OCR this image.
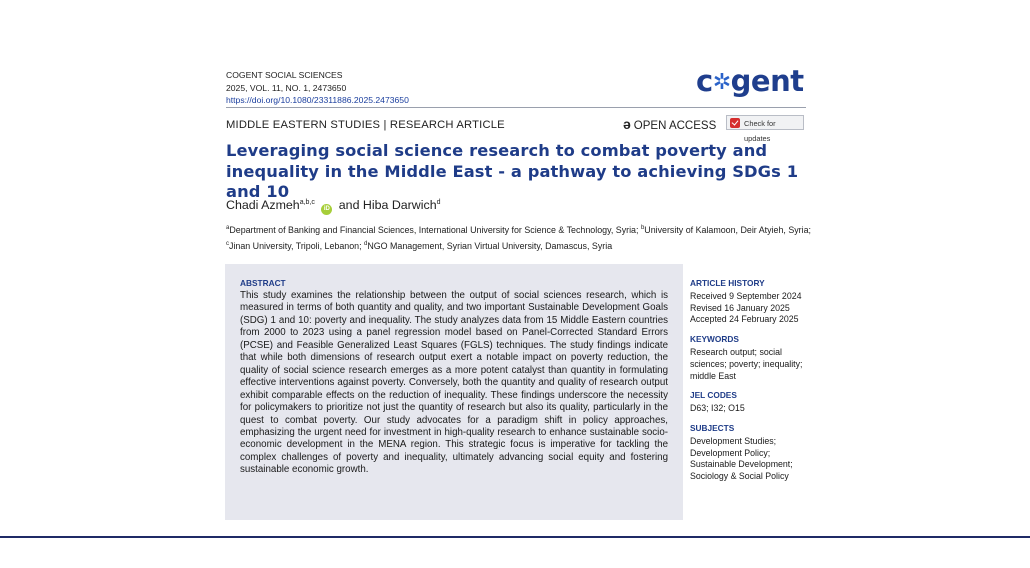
COGENT SOCIAL SCIENCES
2025, VOL. 11, NO. 1, 2473650
https://doi.org/10.1080/23311886.2025.2473650
c✲gent
MIDDLE EASTERN STUDIES | RESEARCH ARTICLE	ə OPEN ACCESS	Check for updates
Leveraging social science research to combat poverty and inequality in the Middle East - a pathway to achieving SDGs 1 and 10
Chadi Azmeh$^{a,b,c}$ iD and Hiba Darwich$^d$
$^a$Department of Banking and Financial Sciences, International University for Science & Technology, Syria; $^b$University of Kalamoon, Deir Atyieh, Syria; $^c$Jinan University, Tripoli, Lebanon; $^d$NGO Management, Syrian Virtual University, Damascus, Syria
ABSTRACT
This study examines the relationship between the output of social sciences research, which is measured in terms of both quantity and quality, and two important Sustainable Development Goals (SDG) 1 and 10: poverty and inequality. The study analyzes data from 15 Middle Eastern countries from 2000 to 2023 using a panel regression model based on Panel-Corrected Standard Errors (PCSE) and Feasible Generalized Least Squares (FGLS) techniques. The study findings indicate that while both dimensions of research output exert a notable impact on poverty reduction, the quality of social science research emerges as a more potent catalyst than quantity in formulating effective interventions against poverty. Conversely, both the quantity and quality of research output exhibit comparable effects on the reduction of inequality. These findings underscore the necessity for policymakers to prioritize not just the quantity of research but also its quality, particularly in the quest to combat poverty. Our study advocates for a paradigm shift in policy approaches, emphasizing the urgent need for investment in high-quality research to enhance sustainable socio-economic development in the MENA region. This strategic focus is imperative for tackling the complex challenges of poverty and inequality, ultimately advancing social equity and fostering sustainable economic growth.
ARTICLE HISTORY
Received 9 September 2024
Revised 16 January 2025
Accepted 24 February 2025
KEYWORDS
Research output; social sciences; poverty; inequality; middle East
JEL CODES
D63; I32; O15
SUBJECTS
Development Studies;
Development Policy;
Sustainable Development;
Sociology & Social Policy
